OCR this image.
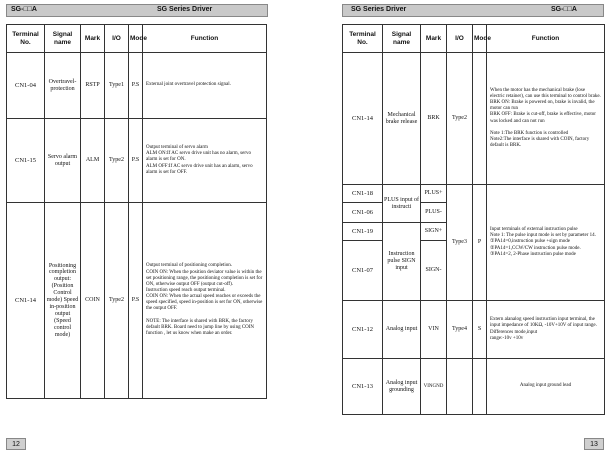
SG-□□A	SG Series Driver
Terminal No.	Signal name	Mark	I/O	Mode	Function
CN1-04	Overtravel-protection	RSTP	Type1	P.S	External joint overtravel protection signal.

CN1-15	Servo alarm output	ALM	Type2	P.S	Output terminal of servo alarm
ALM ON:If AC servo drive unit has no alarm, servo alarm is set for ON.
ALM OFF:If AC servo drive unit has an alarm, servo alarm is set for OFF.

CN1-14	Positioning completion output: (Position Control mode) Speed in-position output (Speed control mode)	COIN	Type2	P.S	Output terminal of positioning completion.
COIN ON: When the position deviator value is within the set positioning range, the positioning completion is set for ON, otherwise output OFF (output cut-off).
Instruction speed reach output terminal.
COIN ON: When the actual speed reaches or exceeds the speed specified, speed in-position is set for ON, otherwise the output OFF.
NOTE: The interface is shared with BRK, the factory default BRK. Board need to jump line by using COIN function , let us know when make an order.
12
SG Series Driver	SG-□□A
Terminal No.	Signal name	Mark	I/O	Mode	Function
CN1-14	Mechanical brake release	BRK	Type2		When the motor has the mechanical brake (lose electric retainer), can use this terminal to control brake.
BRK ON: Brake is powered on, brake is invalid, the motor can run
BRK OFF: Brake is cut-off, brake is effective, motor was locked and can not run
Note 1:The BRK function is controlled
Note2:The interface is shared with COIN, factory default is BRK.

CN1-18	PLUS input of instructi	PLUS+	Type3	P	Input terminals of external instruction pulse
Note 1: The pulse input mode is set by parameter 14.
①PA14=0,instruction pulse +sign mode
②PA14=1,CCW/CW instruction pulse mode.
③PA14=2, 2-Phase instruction pulse mode

CN1-06		PLUS-			
CN1-19	Instruction pulse SIGN input	SIGN+			
CN1-07		SIGN-			
CN1-12	Analog input	VIN	Type4	S	Extern alanalog speed instruction input terminal, the input impedance of 10KΩ, -10V+10V of input range. Differences mode,input
range:-10v +10v

CN1-13	Analog input grounding	VINGND			Analog input ground lead
13
